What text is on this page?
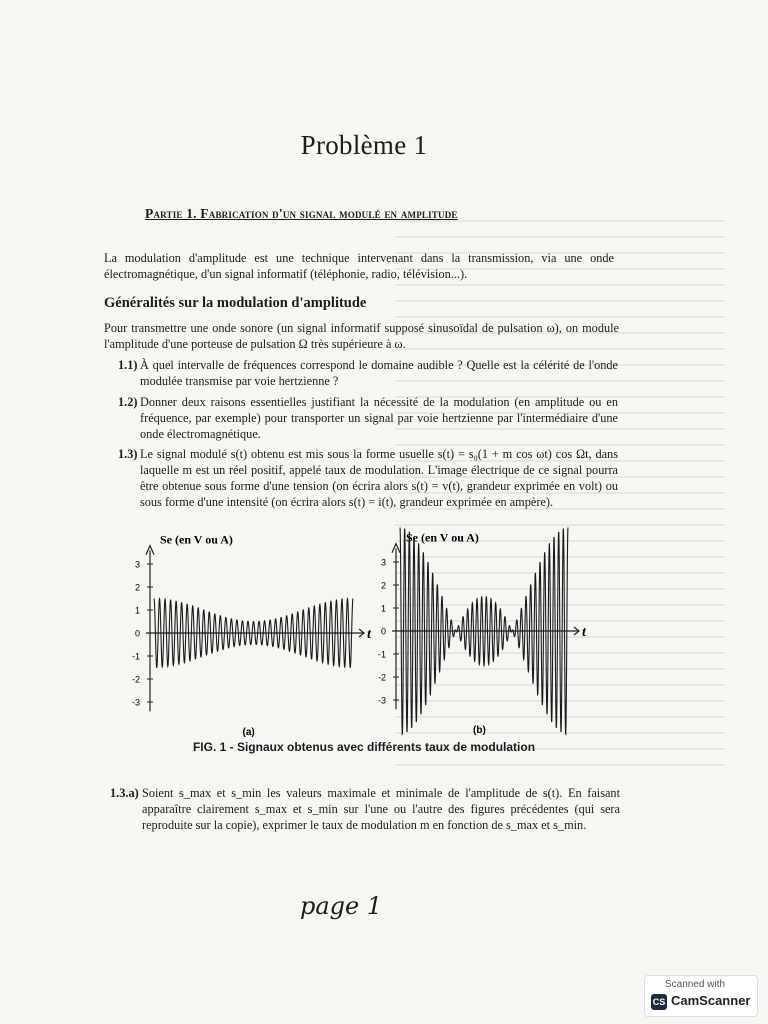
Problème 1
Partie 1. Fabrication d'un signal modulé en amplitude

La modulation d'amplitude est une technique intervenant dans la transmission, via une onde électromagnétique, d'un signal informatif (téléphonie, radio, télévision...).

Généralités sur la modulation d'amplitude

Pour transmettre une onde sonore (un signal informatif supposé sinusoïdal de pulsation ω), on module l'amplitude d'une porteuse de pulsation Ω très supérieure à ω.

1.1) À quel intervalle de fréquences correspond le domaine audible ? Quelle est la célérité de l'onde modulée transmise par voie hertzienne ?
1.2) Donner deux raisons essentielles justifiant la nécessité de la modulation (en amplitude ou en fréquence, par exemple) pour transporter un signal par voie hertzienne par l'intermédiaire d'une onde électromagnétique.
1.3) Le signal modulé s(t) obtenu est mis sous la forme usuelle s(t) = s₀(1 + m cos ωt) cos Ωt, dans laquelle m est un réel positif, appelé taux de modulation. L'image électrique de ce signal pourra être obtenue sous forme d'une tension (on écrira alors s(t) = v(t), grandeur exprimée en volt) ou sous forme d'une intensité (on écrira alors s(t) = i(t), grandeur exprimée en ampère).
t
Se (en V ou A)
3
2
1
0
-1
-2
-3
(a)
t
Se (en V ou A)
3
2
1
0
-1
-2
-3
(b)
FIG. 1 - Signaux obtenus avec différents taux de modulation
1.3.a) Soient s_max et s_min les valeurs maximale et minimale de l'amplitude de s(t). En faisant apparaître clairement s_max et s_min sur l'une ou l'autre des figures précédentes (qui sera reproduite sur la copie), exprimer le taux de modulation m en fonction de s_max et s_min.
page 1
Scanned with
CS CamScanner
